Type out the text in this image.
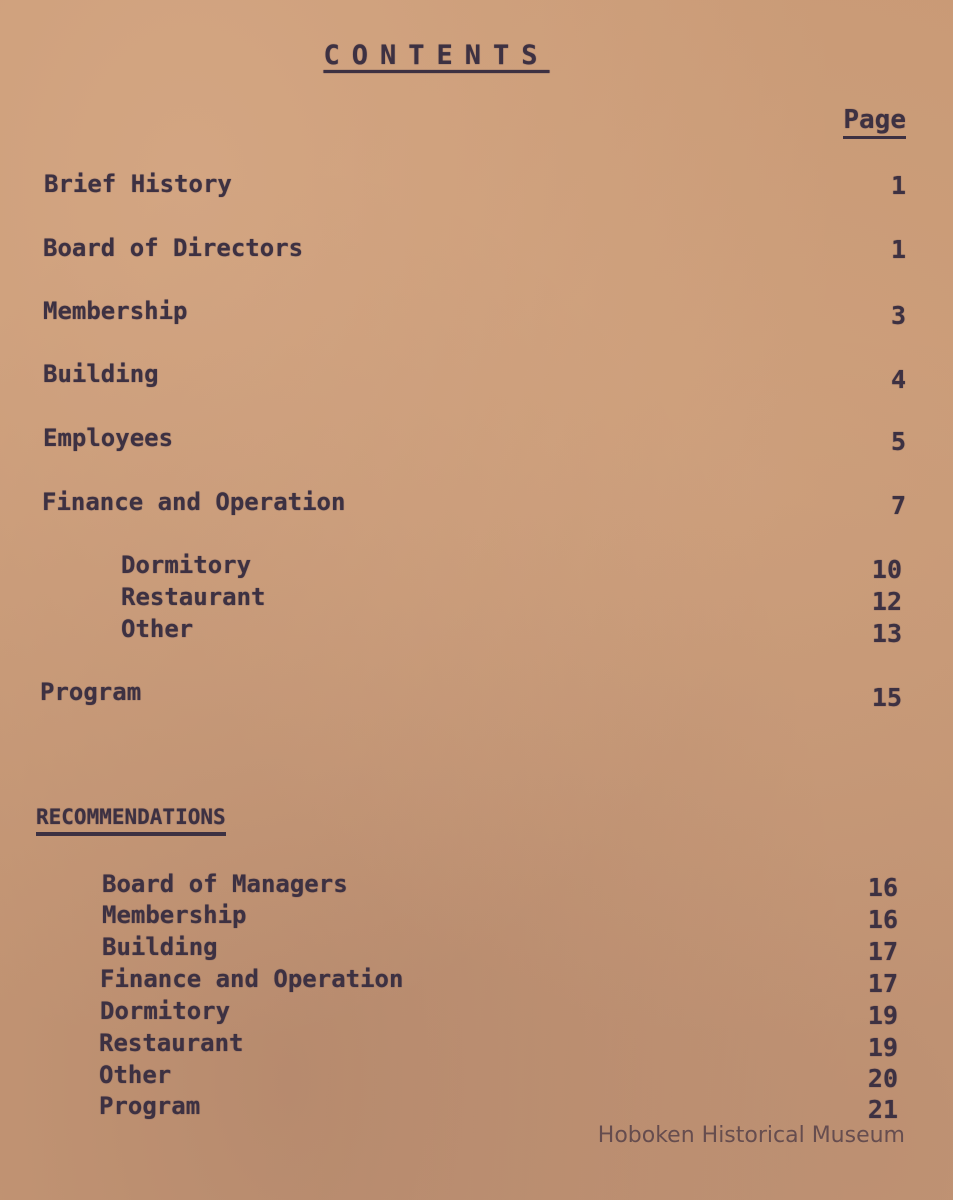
CONTENTS
Page
Brief History	1
Board of Directors	1
Membership	3
Building	4
Employees	5
Finance and Operation	7
Dormitory	10
Restaurant	12
Other	13
Program	15
RECOMMENDATIONS
Board of Managers	16
Membership	16
Building	17
Finance and Operation	17
Dormitory	19
Restaurant	19
Other	20
Program	21
Hoboken Historical Museum
